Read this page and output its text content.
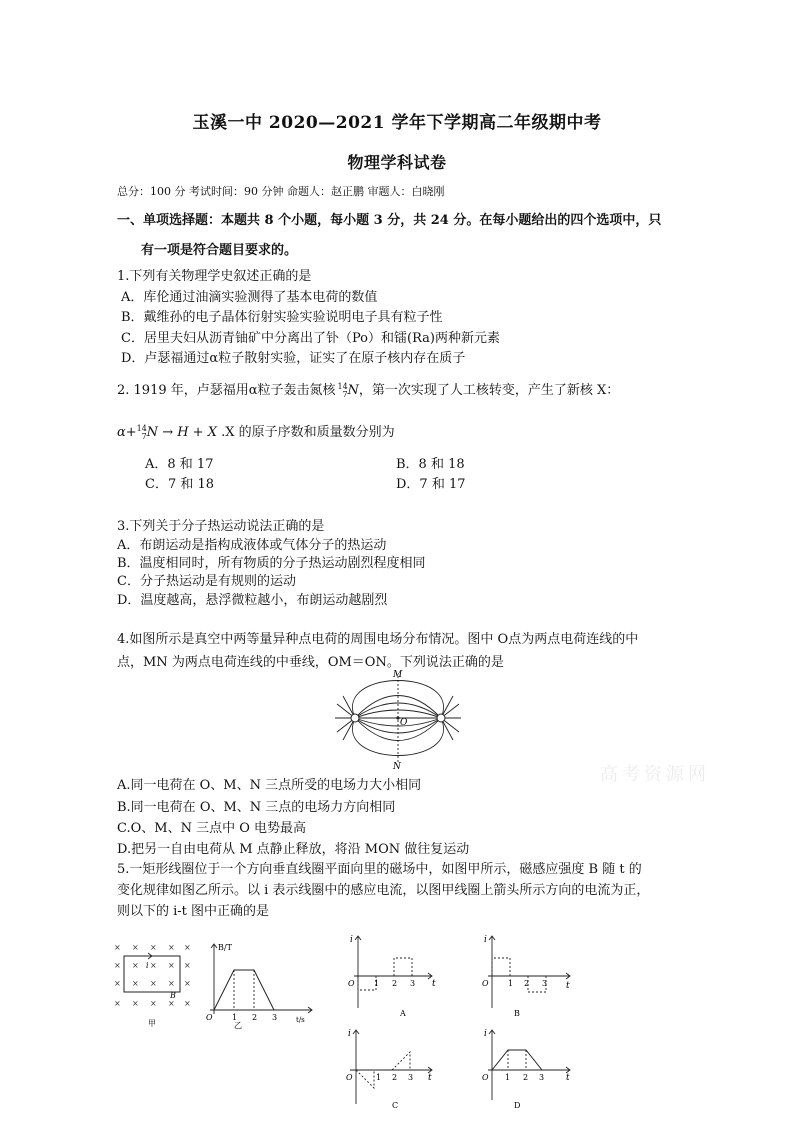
玉溪一中 2020—2021 学年下学期高二年级期中考
物理学科试卷
总分：100 分 考试时间：90 分钟 命题人：赵正鹏 审题人：白晓刚
一、单项选择题：本题共 8 个小题，每小题 3 分，共 24 分。在每小题给出的四个选项中，只
有一项是符合题目要求的。
1.下列有关物理学史叙述正确的是
A．库伦通过油滴实验测得了基本电荷的数值
B．戴维孙的电子晶体衍射实验实验说明电子具有粒子性
C．居里夫妇从沥青铀矿中分离出了钋（Po）和镭(Ra)两种新元素
D．卢瑟福通过α粒子散射实验，证实了在原子核内存在质子
2. 1919 年，卢瑟福用α粒子轰击氮核 14
7 N，第一次实现了人工核转变，产生了新核 X：
α+ 14
7 N → H + X .X 的原子序数和质量数分别为
A．8 和 17	B．8 和 18
C．7 和 18	D．7 和 17
3.下列关于分子热运动说法正确的是
A．布朗运动是指构成液体或气体分子的热运动
B．温度相同时，所有物质的分子热运动剧烈程度相同
C．分子热运动是有规则的运动
D．温度越高，悬浮微粒越小，布朗运动越剧烈
4.如图所示是真空中两等量异种点电荷的周围电场分布情况。图中 O点为两点电荷连线的中
点，MN 为两点电荷连线的中垂线，OM＝ON。下列说法正确的是
M
N
O
高考资源网
A.同一电荷在 O、M、N 三点所受的电场力大小相同
B.同一电荷在 O、M、N 三点的电场力方向相同
C.O、M、N 三点中 O 电势最高
D.把另一自由电荷从 M 点静止释放，将沿 MON 做往复运动
5.一矩形线圈位于一个方向垂直线圈平面向里的磁场中，如图甲所示，磁感应强度 B 随 t 的
变化规律如图乙所示。以 i 表示线圈中的感应电流，以图甲线圈上箭头所示方向的电流为正，
则以下的 i-t 图中正确的是
× × × × ×
×	×
×	×
× × × × ×
× × ×
× × ×
i
B
甲
B/T
t/s
O 1 2 3
乙
i
t
O 1 2 3
A
i
t
O 1 2 3
B
i
t
O	1 2 3
C
i
t
O 1 2 3
D
